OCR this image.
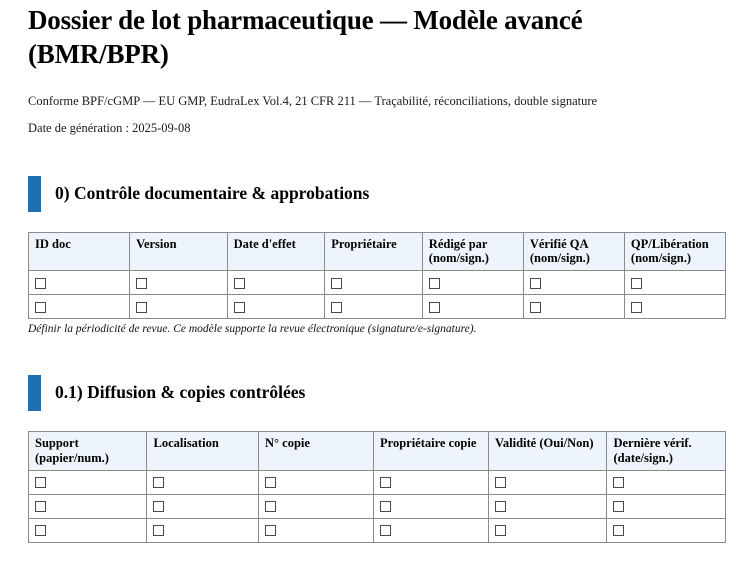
Dossier de lot pharmaceutique — Modèle avancé (BMR/BPR)
Conforme BPF/cGMP — EU GMP, EudraLex Vol.4, 21 CFR 211 — Traçabilité, réconciliations, double signature
Date de génération : 2025-09-08
0) Contrôle documentaire & approbations
ID doc	Version	Date d'effet	Propriétaire	Rédigé par (nom/sign.)	Vérifié QA (nom/sign.)	QP/Libération (nom/sign.)

Définir la périodicité de revue. Ce modèle supporte la revue électronique (signature/e-signature).
0.1) Diffusion & copies contrôlées
Support (papier/num.)	Localisation	N° copie	Propriétaire copie	Validité (Oui/Non)	Dernière vérif. (date/sign.)
